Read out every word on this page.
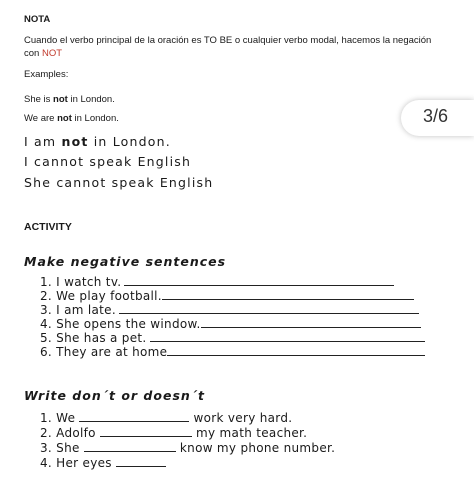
NOTA
Cuando el verbo principal de la oración es TO BE o cualquier verbo modal, hacemos la negación
con NOT
Examples:
She is not in London.
We are not in London.
I am not in London.
I cannot speak English
She cannot speak English
3/6
ACTIVITY
Make negative sentences
1. I watch tv.
2. We play football.
3. I am late.
4. She opens the window.
5. She has a pet.
6. They are at home
Write don´t or doesn´t
1. We	work very hard.
2. Adolfo	my math teacher.
3. She	know my phone number.
4. Her eyes
